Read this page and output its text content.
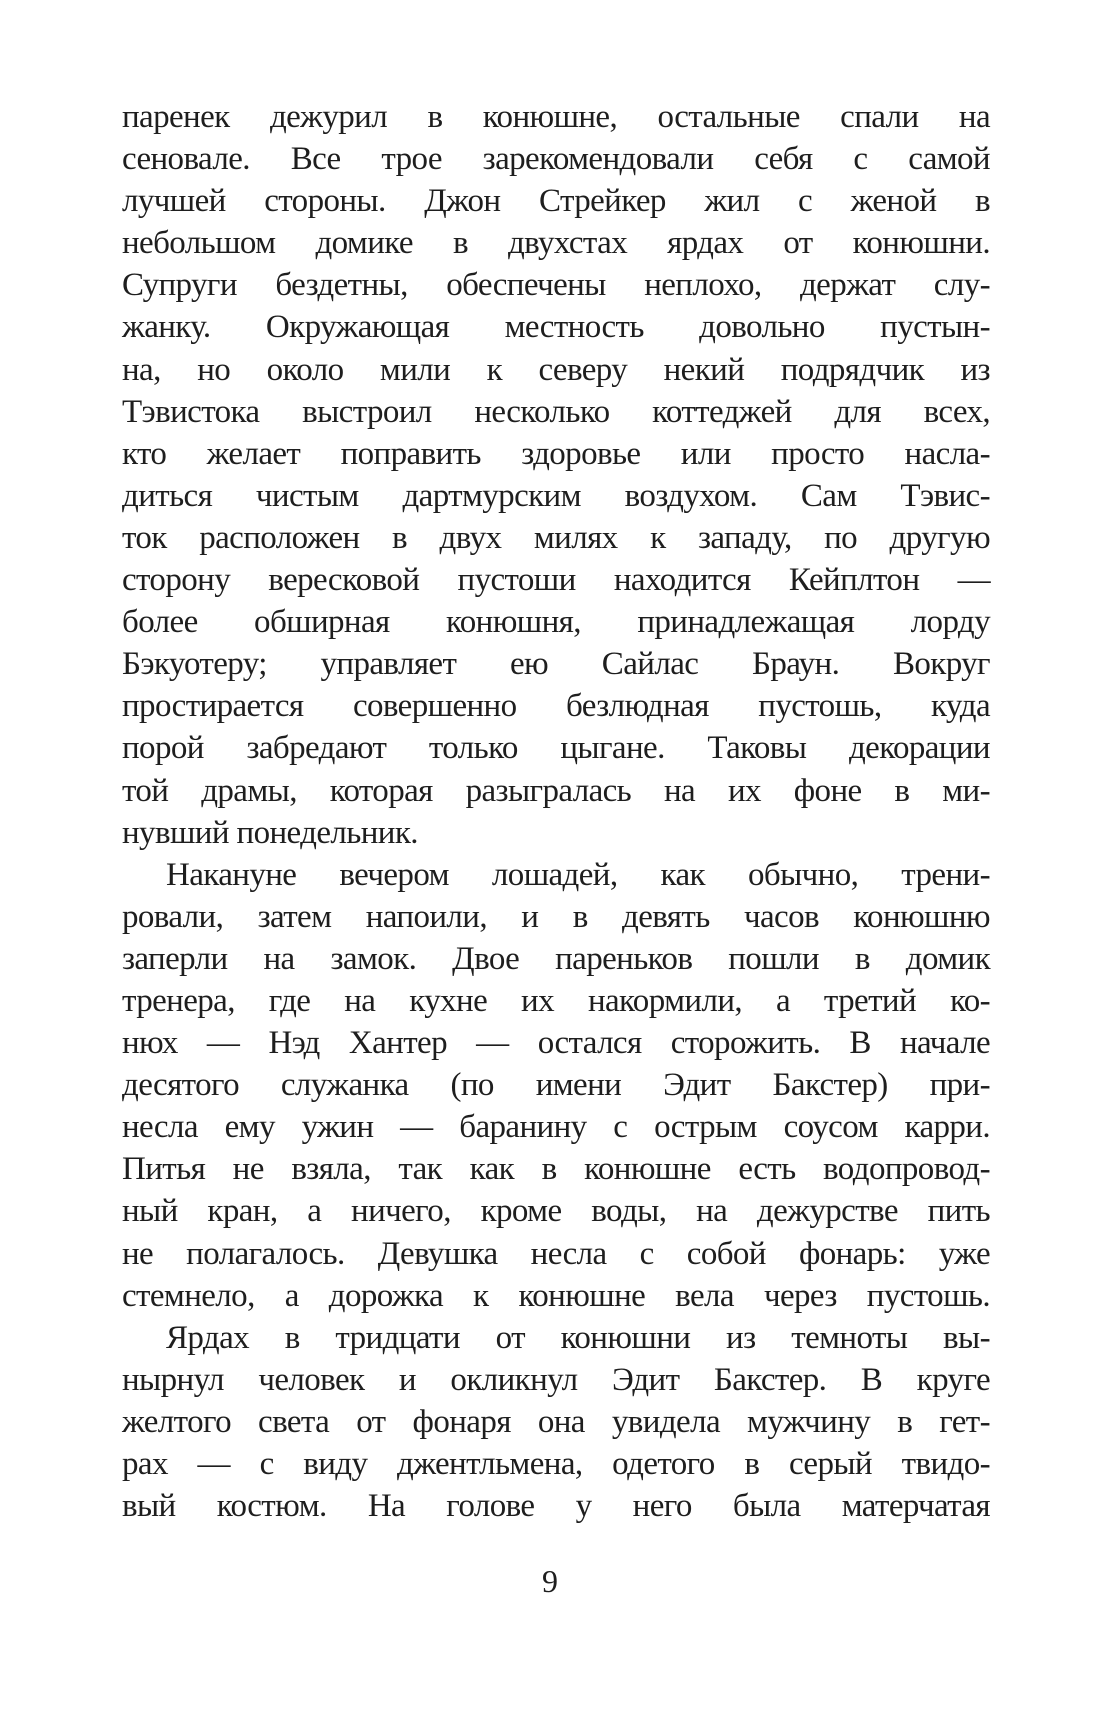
паренек дежурил в конюшне, остальные спали на
сеновале. Все трое зарекомендовали себя с самой
лучшей стороны. Джон Стрейкер жил с женой в
небольшом домике в двухстах ярдах от конюшни.
Супруги бездетны, обеспечены неплохо, держат слу-
жанку. Окружающая местность довольно пустын-
на, но около мили к северу некий подрядчик из
Тэвистока выстроил несколько коттеджей для всех,
кто желает поправить здоровье или просто насла-
диться чистым дартмурским воздухом. Сам Тэвис-
ток расположен в двух милях к западу, по другую
сторону вересковой пустоши находится Кейплтон —
более обширная конюшня, принадлежащая лорду
Бэкуотеру; управляет ею Сайлас Браун. Вокруг
простирается совершенно безлюдная пустошь, куда
порой забредают только цыгане. Таковы декорации
той драмы, которая разыгралась на их фоне в ми-
нувший понедельник.
Накануне вечером лошадей, как обычно, трени-
ровали, затем напоили, и в девять часов конюшню
заперли на замок. Двое пареньков пошли в домик
тренера, где на кухне их накормили, а третий ко-
нюх — Нэд Хантер — остался сторожить. В начале
десятого служанка (по имени Эдит Бакстер) при-
несла ему ужин — баранину с острым соусом карри.
Питья не взяла, так как в конюшне есть водопровод-
ный кран, а ничего, кроме воды, на дежурстве пить
не полагалось. Девушка несла с собой фонарь: уже
стемнело, а дорожка к конюшне вела через пустошь.
Ярдах в тридцати от конюшни из темноты вы-
нырнул человек и окликнул Эдит Бакстер. В круге
желтого света от фонаря она увидела мужчину в гет-
рах — с виду джентльмена, одетого в серый твидо-
вый костюм. На голове у него была матерчатая
9
